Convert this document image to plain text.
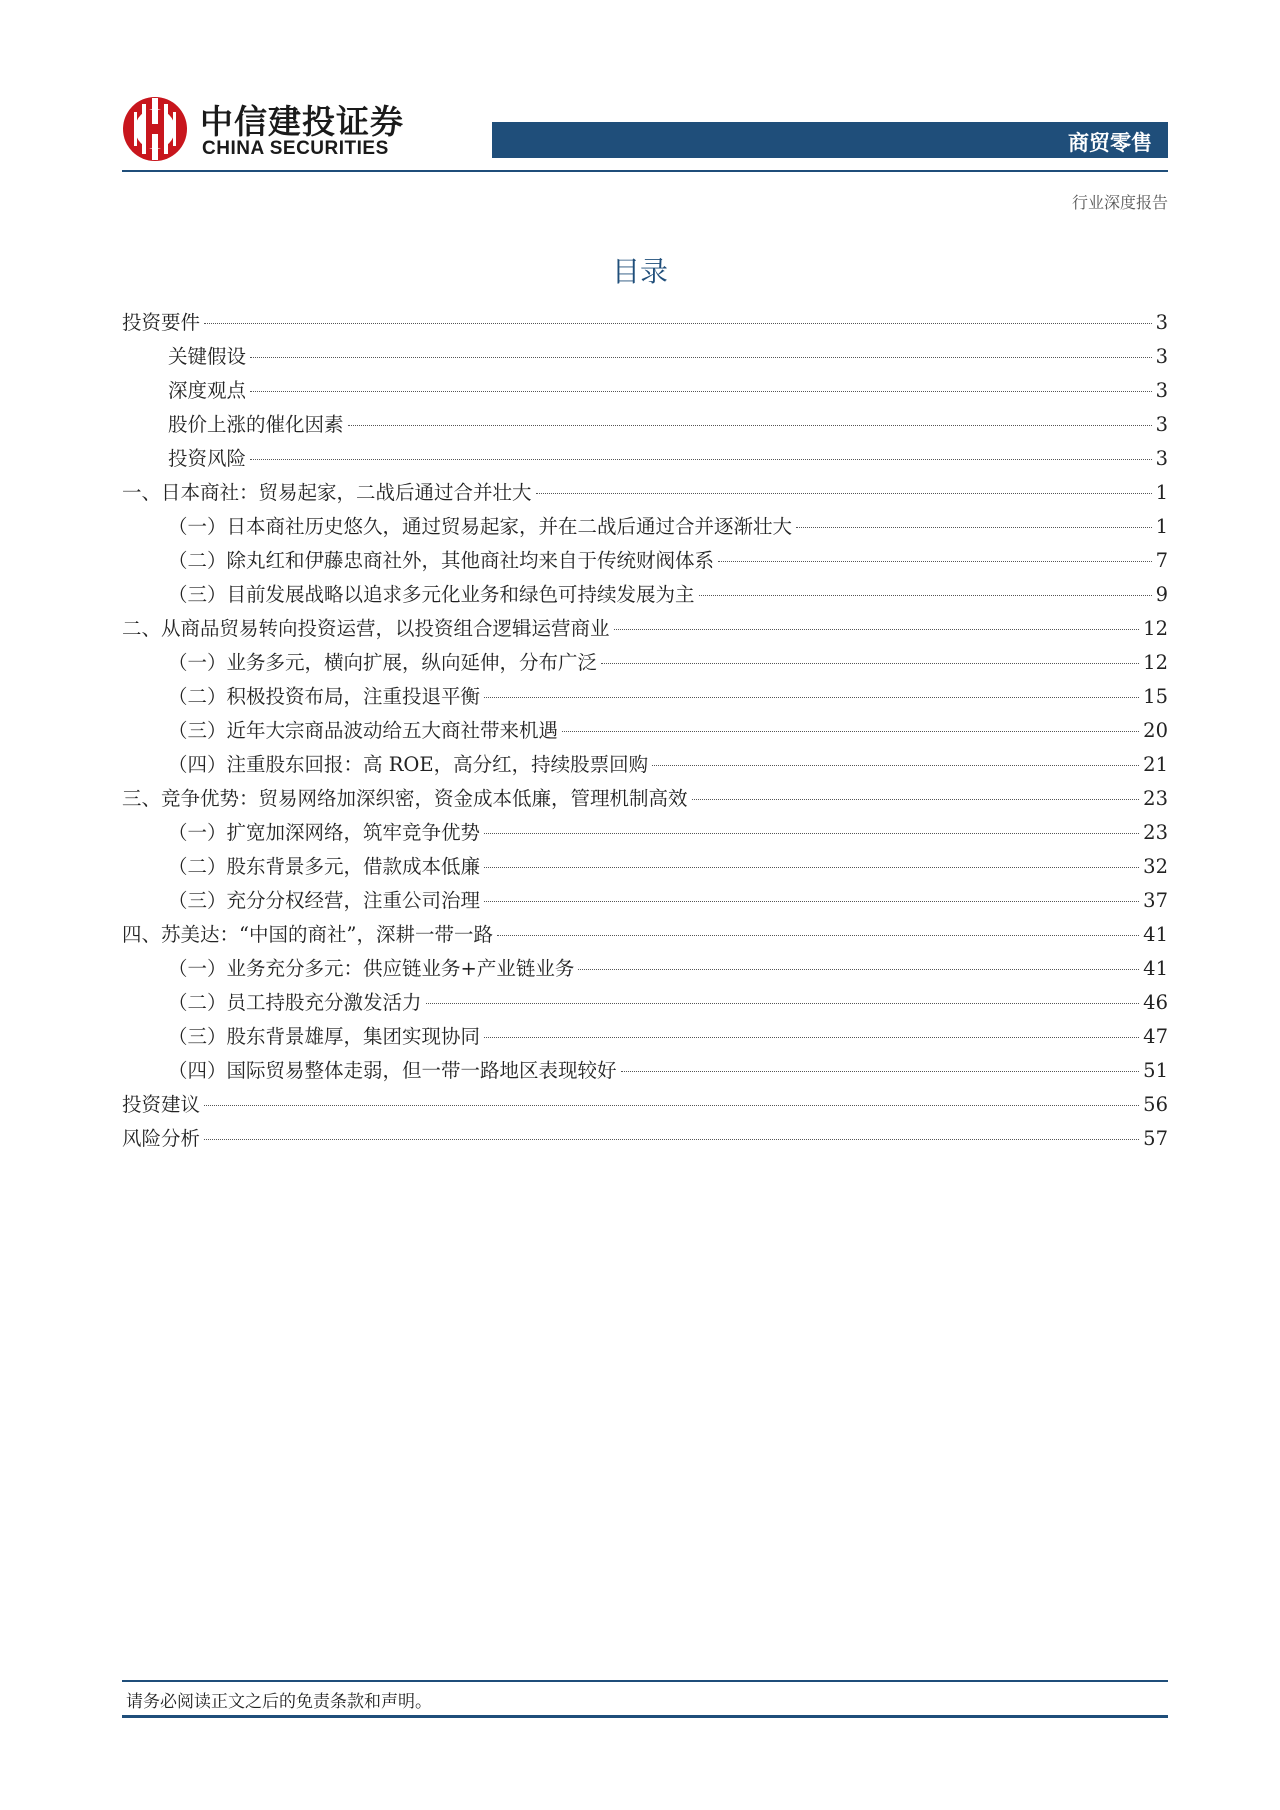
中信建投证券
CHINA SECURITIES	商贸零售
行业深度报告
目录
投资要件	3
关键假设	3
深度观点	3
股价上涨的催化因素	3
投资风险	3
一、日本商社：贸易起家，二战后通过合并壮大	1
（一）日本商社历史悠久，通过贸易起家，并在二战后通过合并逐渐壮大	1
（二）除丸红和伊藤忠商社外，其他商社均来自于传统财阀体系	7
（三）目前发展战略以追求多元化业务和绿色可持续发展为主	9
二、从商品贸易转向投资运营，以投资组合逻辑运营商业	12
（一）业务多元，横向扩展，纵向延伸，分布广泛	12
（二）积极投资布局，注重投退平衡	15
（三）近年大宗商品波动给五大商社带来机遇	20
（四）注重股东回报：高 ROE，高分红，持续股票回购	21
三、竞争优势：贸易网络加深织密，资金成本低廉，管理机制高效	23
（一）扩宽加深网络，筑牢竞争优势	23
（二）股东背景多元，借款成本低廉	32
（三）充分分权经营，注重公司治理	37
四、苏美达：“中国的商社”，深耕一带一路	41
（一）业务充分多元：供应链业务+产业链业务	41
（二）员工持股充分激发活力	46
（三）股东背景雄厚，集团实现协同	47
（四）国际贸易整体走弱，但一带一路地区表现较好	51
投资建议	56
风险分析	57
请务必阅读正文之后的免责条款和声明。
